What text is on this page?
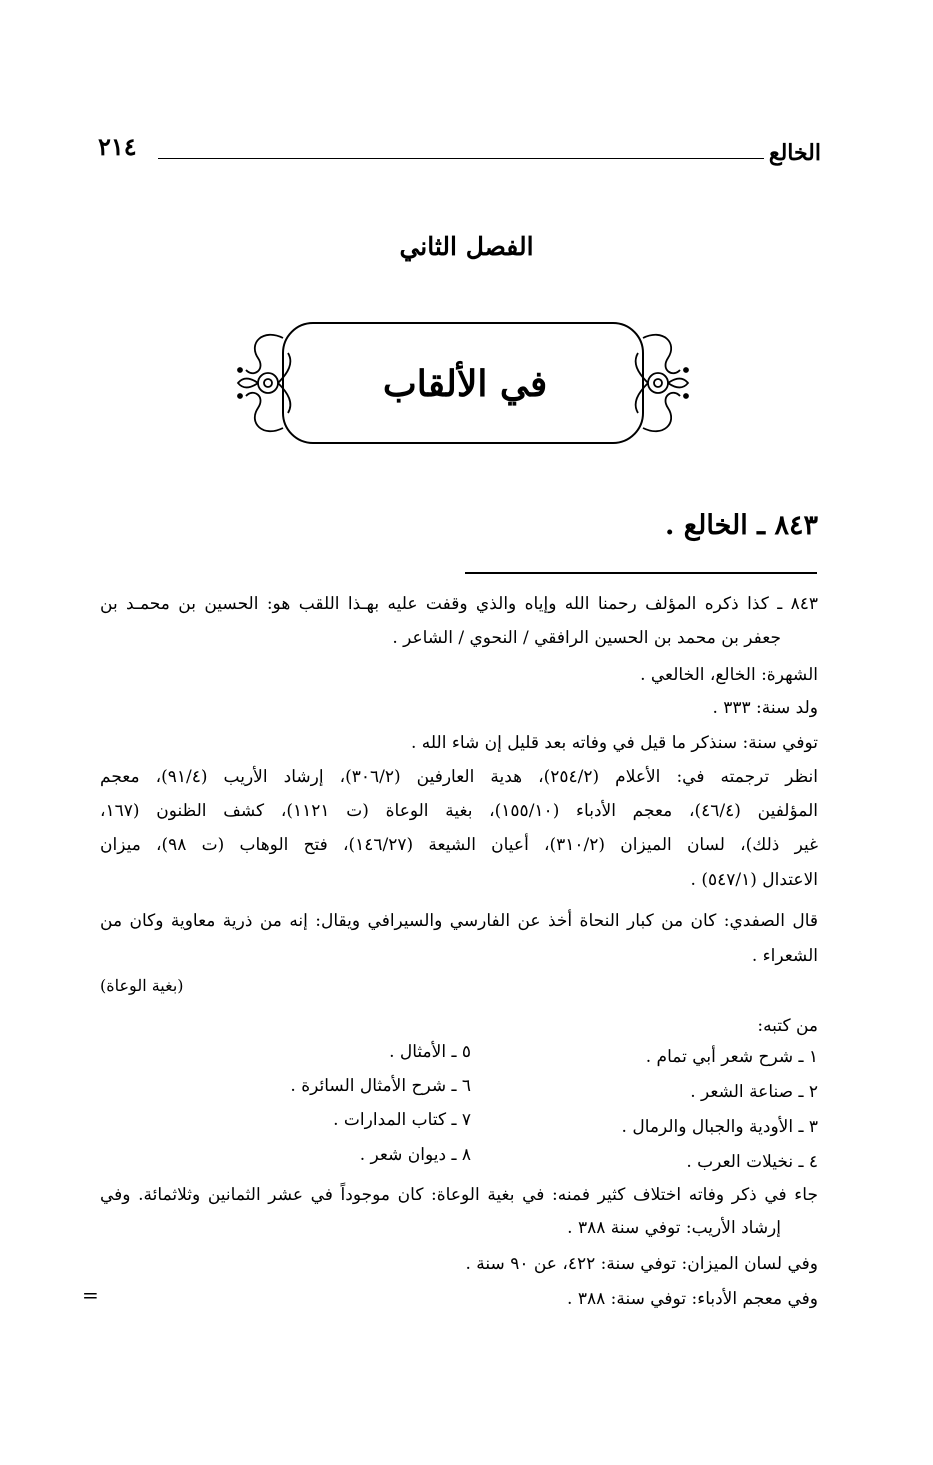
الخالع
٢١٤
الفصل الثاني
في الألقاب
٨٤٣ ـ الخالع .
٨٤٣ ـ كذا ذكره المؤلف رحمنا الله وإياه والذي وقفت عليه بهـذا اللقب هو: الحسين بن محمـد بن
جعفر بن محمد بن الحسين الرافقي / النحوي / الشاعر .
الشهرة: الخالع، الخالعي .
ولد سنة: ٣٣٣ .
توفي سنة: سنذكر ما قيل في وفاته بعد قليل إن شاء الله .
انظر ترجمته في: الأعلام (٢٥٤/٢)، هدية العارفين (٣٠٦/٢)، إرشاد الأريب (٩١/٤)، معجم
المؤلفين (٤٦/٤)، معجم الأدباء (١٥٥/١٠)، بغية الوعاة (ت ١١٢١)، كشف الظنون (١٦٧،
غير ذلك)، لسان الميزان (٣١٠/٢)، أعيان الشيعة (١٤٦/٢٧)، فتح الوهاب (ت ٩٨)، ميزان
الاعتدال (٥٤٧/١) .
قال الصفدي: كان من كبار النحاة أخذ عن الفارسي والسيرافي ويقال: إنه من ذرية معاوية وكان من
الشعراء .
(بغية الوعاة)
من كتبه:
١ ـ شرح شعر أبي تمام .
٢ ـ صناعة الشعر .
٣ ـ الأودية والجبال والرمال .
٤ ـ نخيلات العرب .
٥ ـ الأمثال .
٦ ـ شرح الأمثال السائرة .
٧ ـ كتاب المدارات .
٨ ـ ديوان شعر .
جاء في ذكر وفاته اختلاف كثير فمنه: في بغية الوعاة: كان موجوداً في عشر الثمانين وثلاثمائة. وفي
إرشاد الأريب: توفي سنة ٣٨٨ .
وفي لسان الميزان: توفي سنة: ٤٢٢، عن ٩٠ سنة .
وفي معجم الأدباء: توفي سنة: ٣٨٨ .
=
